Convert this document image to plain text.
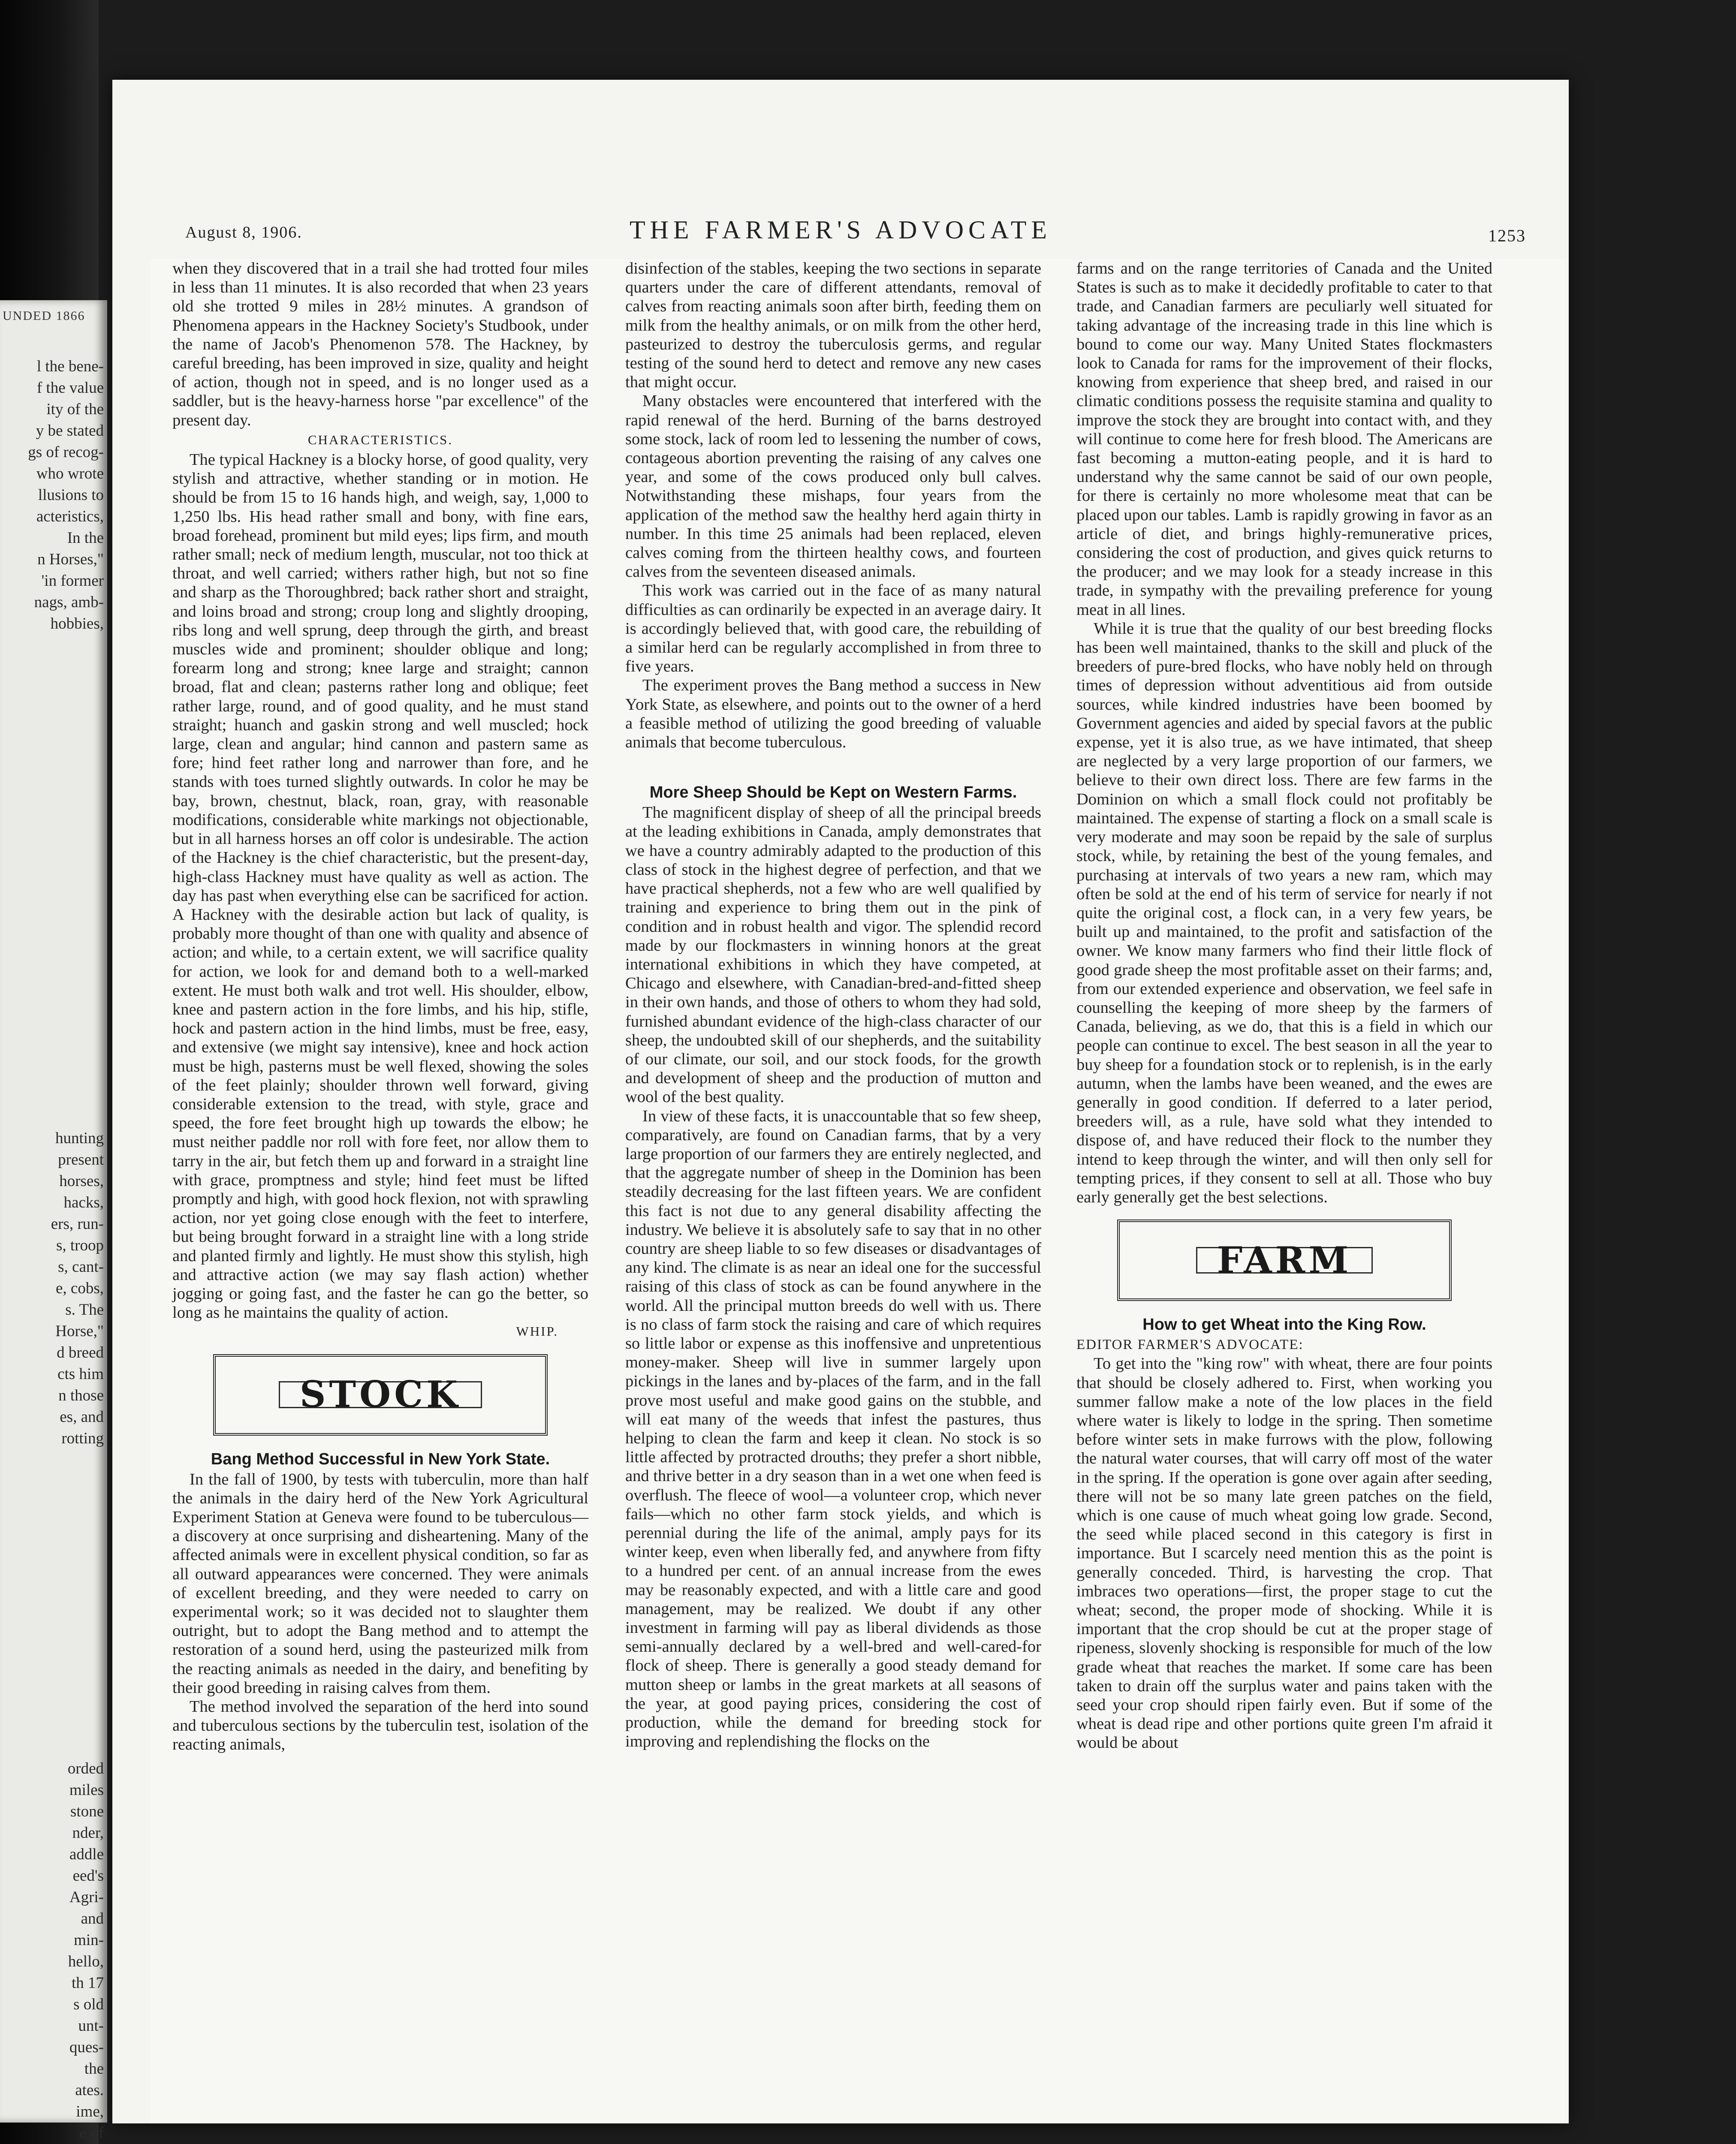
UNDED 1866
l the bene-
f the value
ity of the
y be stated
gs of recog-
who wrote
llusions to
acteristics,
In the
n Horses,"
'in former
nags, amb-
hobbies,
hunting
present
horses,
hacks,
ers, run-
s, troop
s, cant-
e, cobs,
s. The
Horse,"
d breed
cts him
n those
es, and
rotting
orded
miles
stone
nder,
addle
eed's
Agri-
and
min-
hello,
th 17
s old
unt-
ques-
the
ates.
ime,
e of
August 8, 1906.	THE FARMER'S ADVOCATE	1253

when they discovered that in a trail she had trotted four miles in less than 11 minutes. It is also recorded that when 23 years old she trotted 9 miles in 28½ minutes. A grandson of Phenomena appears in the Hackney Society's Studbook, under the name of Jacob's Phenomenon 578. The Hackney, by careful breeding, has been improved in size, quality and height of action, though not in speed, and is no longer used as a saddler, but is the heavy-harness horse "par excellence" of the present day.

CHARACTERISTICS.

The typical Hackney is a blocky horse, of good quality, very stylish and attractive, whether standing or in motion. He should be from 15 to 16 hands high, and weigh, say, 1,000 to 1,250 lbs. His head rather small and bony, with fine ears, broad forehead, prominent but mild eyes; lips firm, and mouth rather small; neck of medium length, muscular, not too thick at throat, and well carried; withers rather high, but not so fine and sharp as the Thoroughbred; back rather short and straight, and loins broad and strong; croup long and slightly drooping, ribs long and well sprung, deep through the girth, and breast muscles wide and prominent; shoulder oblique and long; forearm long and strong; knee large and straight; cannon broad, flat and clean; pasterns rather long and oblique; feet rather large, round, and of good quality, and he must stand straight; huanch and gaskin strong and well muscled; hock large, clean and angular; hind cannon and pastern same as fore; hind feet rather long and narrower than fore, and he stands with toes turned slightly outwards. In color he may be bay, brown, chestnut, black, roan, gray, with reasonable modifications, considerable white markings not objectionable, but in all harness horses an off color is undesirable. The action of the Hackney is the chief characteristic, but the present-day, high-class Hackney must have quality as well as action. The day has past when everything else can be sacrificed for action. A Hackney with the desirable action but lack of quality, is probably more thought of than one with quality and absence of action; and while, to a certain extent, we will sacrifice quality for action, we look for and demand both to a well-marked extent. He must both walk and trot well. His shoulder, elbow, knee and pastern action in the fore limbs, and his hip, stifle, hock and pastern action in the hind limbs, must be free, easy, and extensive (we might say intensive), knee and hock action must be high, pasterns must be well flexed, showing the soles of the feet plainly; shoulder thrown well forward, giving considerable extension to the tread, with style, grace and speed, the fore feet brought high up towards the elbow; he must neither paddle nor roll with fore feet, nor allow them to tarry in the air, but fetch them up and forward in a straight line with grace, promptness and style; hind feet must be lifted promptly and high, with good hock flexion, not with sprawling action, nor yet going close enough with the feet to interfere, but being brought forward in a straight line with a long stride and planted firmly and lightly. He must show this stylish, high and attractive action (we may say flash action) whether jogging or going fast, and the faster he can go the better, so long as he maintains the quality of action.

WHIP.

STOCK
Bang Method Successful in New York State.

In the fall of 1900, by tests with tuberculin, more than half the animals in the dairy herd of the New York Agricultural Experiment Station at Geneva were found to be tuberculous—a discovery at once surprising and disheartening. Many of the affected animals were in excellent physical condition, so far as all outward appearances were concerned. They were animals of excellent breeding, and they were needed to carry on experimental work; so it was decided not to slaughter them outright, but to adopt the Bang method and to attempt the restoration of a sound herd, using the pasteurized milk from the reacting animals as needed in the dairy, and benefiting by their good breeding in raising calves from them.

The method involved the separation of the herd into sound and tuberculous sections by the tuberculin test, isolation of the reacting animals,

disinfection of the stables, keeping the two sections in separate quarters under the care of different attendants, removal of calves from reacting animals soon after birth, feeding them on milk from the healthy animals, or on milk from the other herd, pasteurized to destroy the tuberculosis germs, and regular testing of the sound herd to detect and remove any new cases that might occur.

Many obstacles were encountered that interfered with the rapid renewal of the herd. Burning of the barns destroyed some stock, lack of room led to lessening the number of cows, contageous abortion preventing the raising of any calves one year, and some of the cows produced only bull calves. Notwithstanding these mishaps, four years from the application of the method saw the healthy herd again thirty in number. In this time 25 animals had been replaced, eleven calves coming from the thirteen healthy cows, and fourteen calves from the seventeen diseased animals.

This work was carried out in the face of as many natural difficulties as can ordinarily be expected in an average dairy. It is accordingly believed that, with good care, the rebuilding of a similar herd can be regularly accomplished in from three to five years.

The experiment proves the Bang method a success in New York State, as elsewhere, and points out to the owner of a herd a feasible method of utilizing the good breeding of valuable animals that become tuberculous.

More Sheep Should be Kept on Western Farms.

The magnificent display of sheep of all the principal breeds at the leading exhibitions in Canada, amply demonstrates that we have a country admirably adapted to the production of this class of stock in the highest degree of perfection, and that we have practical shepherds, not a few who are well qualified by training and experience to bring them out in the pink of condition and in robust health and vigor. The splendid record made by our flockmasters in winning honors at the great international exhibitions in which they have competed, at Chicago and elsewhere, with Canadian-bred-and-fitted sheep in their own hands, and those of others to whom they had sold, furnished abundant evidence of the high-class character of our sheep, the undoubted skill of our shepherds, and the suitability of our climate, our soil, and our stock foods, for the growth and development of sheep and the production of mutton and wool of the best quality.

In view of these facts, it is unaccountable that so few sheep, comparatively, are found on Canadian farms, that by a very large proportion of our farmers they are entirely neglected, and that the aggregate number of sheep in the Dominion has been steadily decreasing for the last fifteen years. We are confident this fact is not due to any general disability affecting the industry. We believe it is absolutely safe to say that in no other country are sheep liable to so few diseases or disadvantages of any kind. The climate is as near an ideal one for the successful raising of this class of stock as can be found anywhere in the world. All the principal mutton breeds do well with us. There is no class of farm stock the raising and care of which requires so little labor or expense as this inoffensive and unpretentious money-maker. Sheep will live in summer largely upon pickings in the lanes and by-places of the farm, and in the fall prove most useful and make good gains on the stubble, and will eat many of the weeds that infest the pastures, thus helping to clean the farm and keep it clean. No stock is so little affected by protracted drouths; they prefer a short nibble, and thrive better in a dry season than in a wet one when feed is overflush. The fleece of wool—a volunteer crop, which never fails—which no other farm stock yields, and which is perennial during the life of the animal, amply pays for its winter keep, even when liberally fed, and anywhere from fifty to a hundred per cent. of an annual increase from the ewes may be reasonably expected, and with a little care and good management, may be realized. We doubt if any other investment in farming will pay as liberal dividends as those semi-annually declared by a well-bred and well-cared-for flock of sheep. There is generally a good steady demand for mutton sheep or lambs in the great markets at all seasons of the year, at good paying prices, considering the cost of production, while the demand for breeding stock for improving and replendishing the flocks on the

farms and on the range territories of Canada and the United States is such as to make it decidedly profitable to cater to that trade, and Canadian farmers are peculiarly well situated for taking advantage of the increasing trade in this line which is bound to come our way. Many United States flockmasters look to Canada for rams for the improvement of their flocks, knowing from experience that sheep bred, and raised in our climatic conditions possess the requisite stamina and quality to improve the stock they are brought into contact with, and they will continue to come here for fresh blood. The Americans are fast becoming a mutton-eating people, and it is hard to understand why the same cannot be said of our own people, for there is certainly no more wholesome meat that can be placed upon our tables. Lamb is rapidly growing in favor as an article of diet, and brings highly-remunerative prices, considering the cost of production, and gives quick returns to the producer; and we may look for a steady increase in this trade, in sympathy with the prevailing preference for young meat in all lines.

While it is true that the quality of our best breeding flocks has been well maintained, thanks to the skill and pluck of the breeders of pure-bred flocks, who have nobly held on through times of depression without adventitious aid from outside sources, while kindred industries have been boomed by Government agencies and aided by special favors at the public expense, yet it is also true, as we have intimated, that sheep are neglected by a very large proportion of our farmers, we believe to their own direct loss. There are few farms in the Dominion on which a small flock could not profitably be maintained. The expense of starting a flock on a small scale is very moderate and may soon be repaid by the sale of surplus stock, while, by retaining the best of the young females, and purchasing at intervals of two years a new ram, which may often be sold at the end of his term of service for nearly if not quite the original cost, a flock can, in a very few years, be built up and maintained, to the profit and satisfaction of the owner. We know many farmers who find their little flock of good grade sheep the most profitable asset on their farms; and, from our extended experience and observation, we feel safe in counselling the keeping of more sheep by the farmers of Canada, believing, as we do, that this is a field in which our people can continue to excel. The best season in all the year to buy sheep for a foundation stock or to replenish, is in the early autumn, when the lambs have been weaned, and the ewes are generally in good condition. If deferred to a later period, breeders will, as a rule, have sold what they intended to dispose of, and have reduced their flock to the number they intend to keep through the winter, and will then only sell for tempting prices, if they consent to sell at all. Those who buy early generally get the best selections.

FARM
How to get Wheat into the King Row.

EDITOR FARMER'S ADVOCATE:

To get into the "king row" with wheat, there are four points that should be closely adhered to. First, when working you summer fallow make a note of the low places in the field where water is likely to lodge in the spring. Then sometime before winter sets in make furrows with the plow, following the natural water courses, that will carry off most of the water in the spring. If the operation is gone over again after seeding, there will not be so many late green patches on the field, which is one cause of much wheat going low grade. Second, the seed while placed second in this category is first in importance. But I scarcely need mention this as the point is generally conceded. Third, is harvesting the crop. That imbraces two operations—first, the proper stage to cut the wheat; second, the proper mode of shocking. While it is important that the crop should be cut at the proper stage of ripeness, slovenly shocking is responsible for much of the low grade wheat that reaches the market. If some care has been taken to drain off the surplus water and pains taken with the seed your crop should ripen fairly even. But if some of the wheat is dead ripe and other portions quite green I'm afraid it would be about
